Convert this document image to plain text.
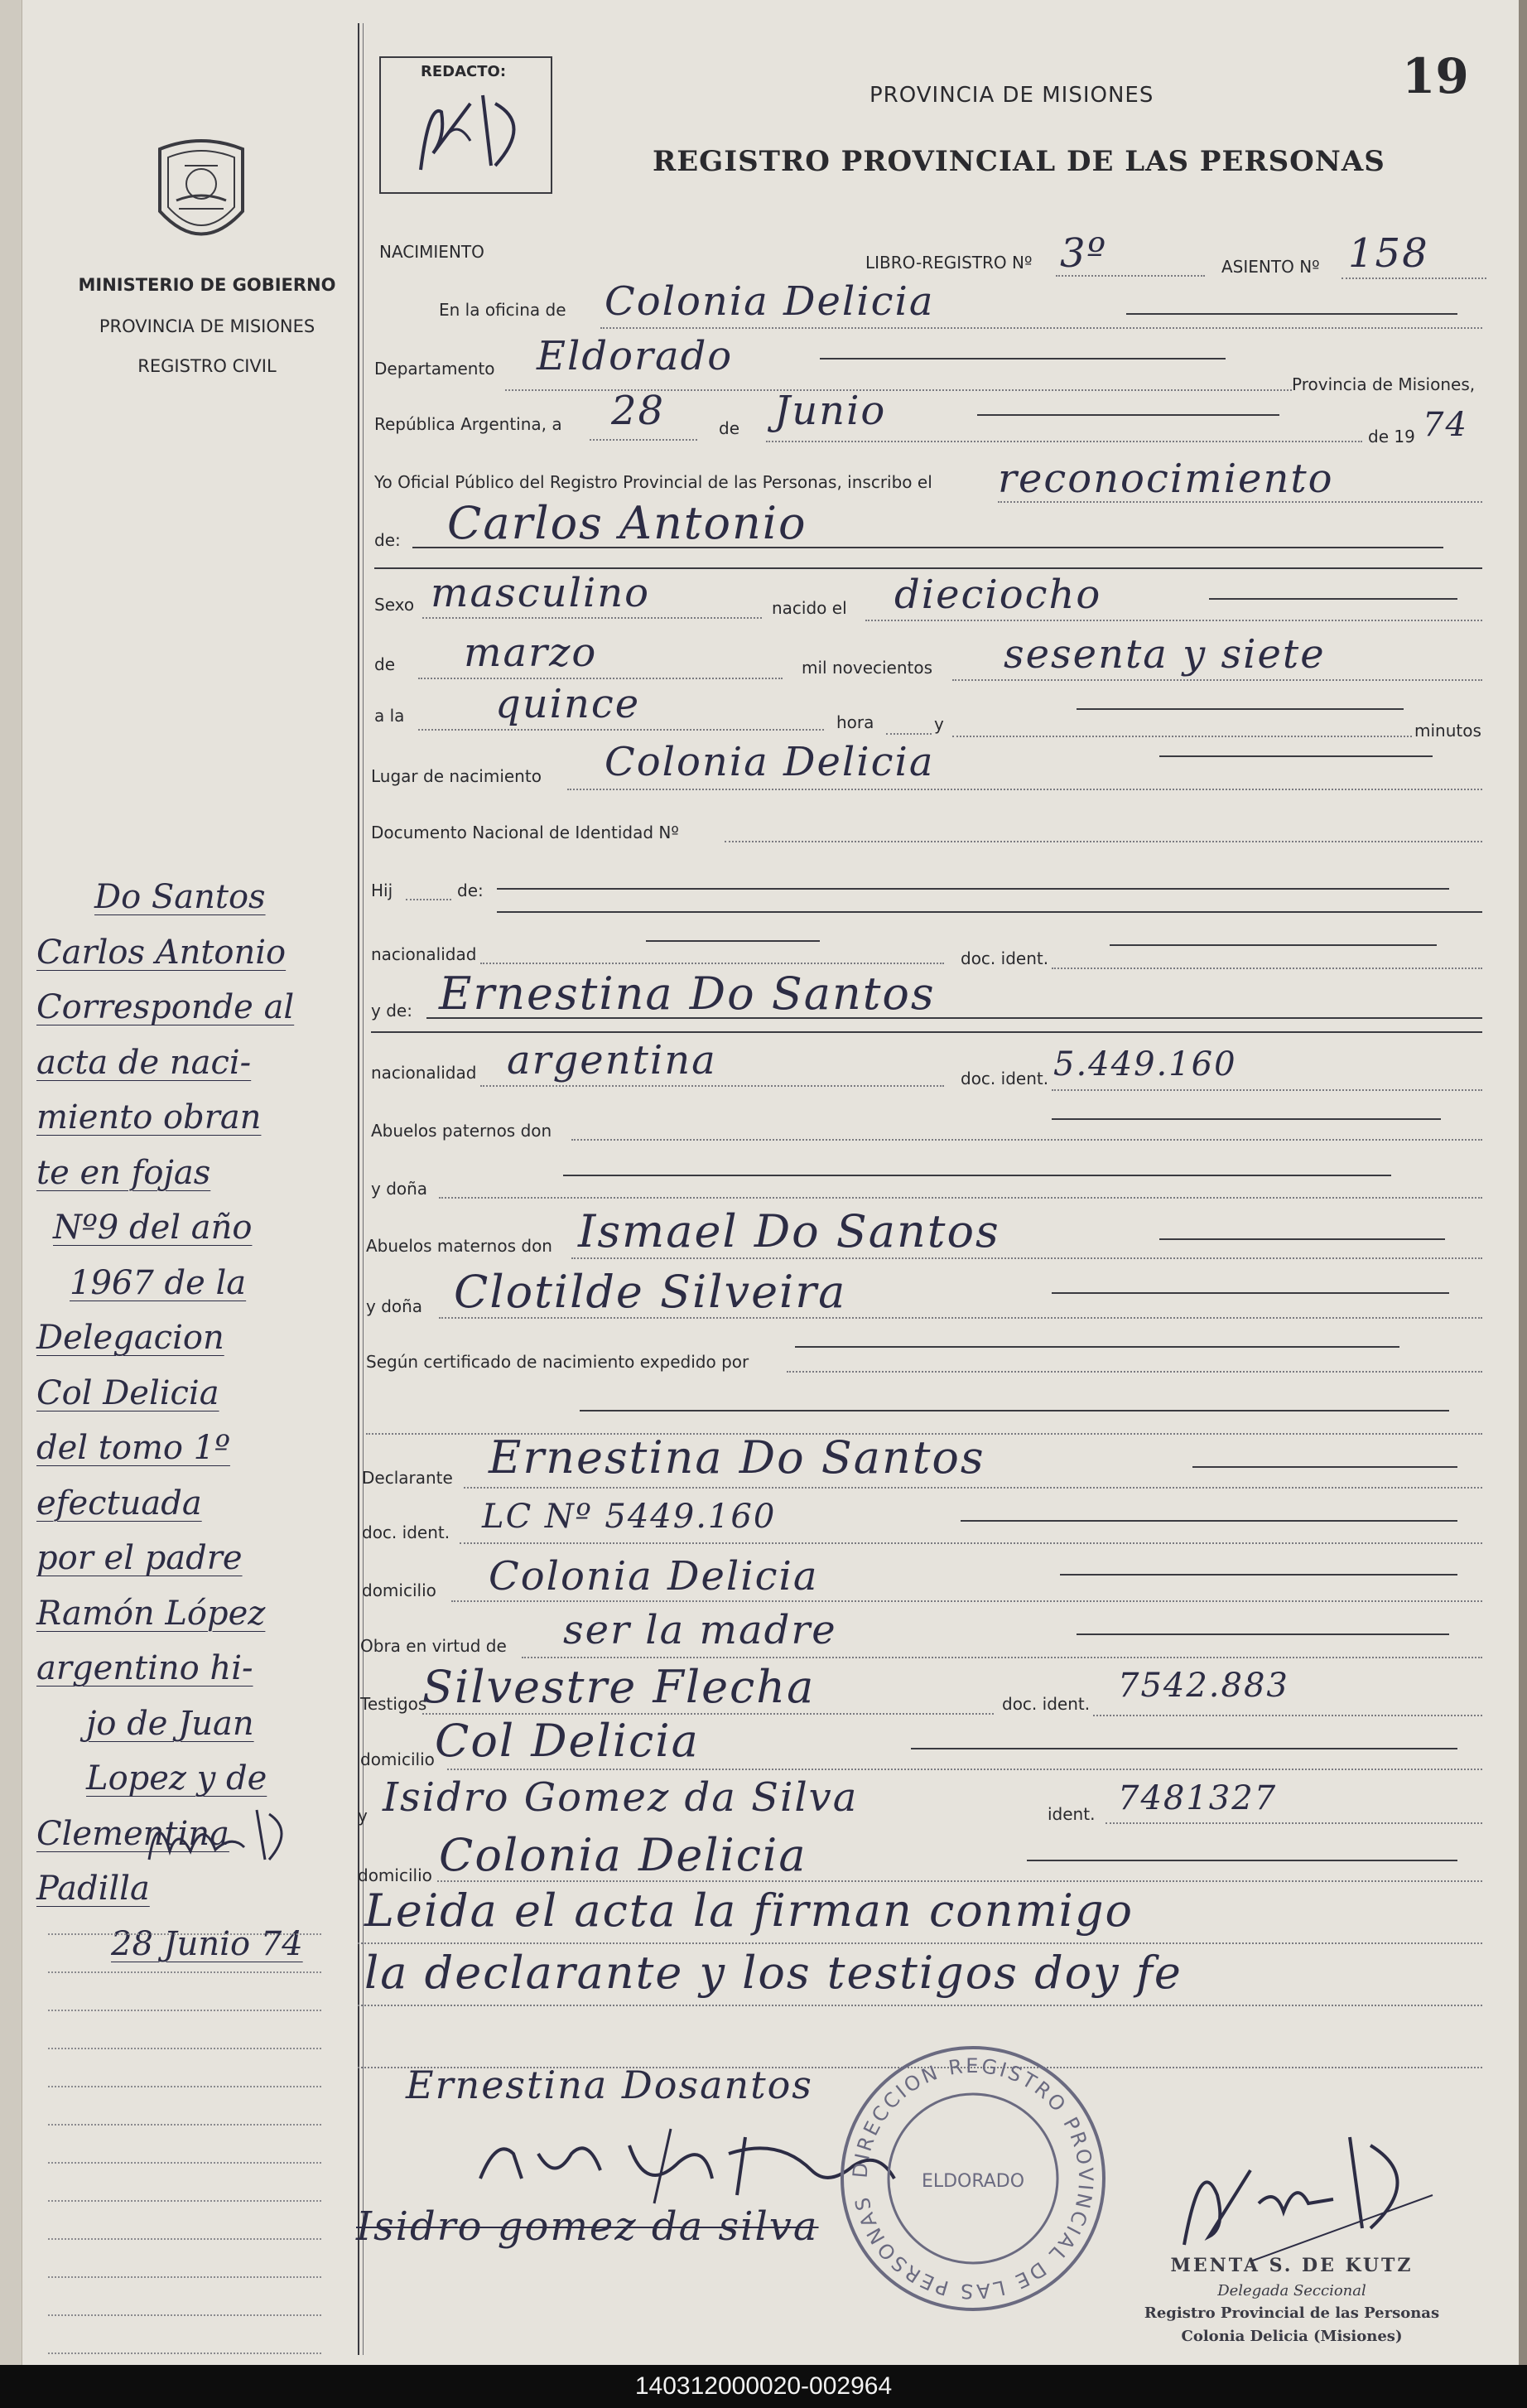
MINISTERIO DE GOBIERNO
PROVINCIA DE MISIONES
REGISTRO CIVIL
Do Santos
Carlos Antonio
Corresponde al
acta de naci-
miento obran
te en fojas
Nº9 del año
1967 de la
Delegacion
Col Delicia
del tomo 1º
efectuada
por el padre
Ramón López
argentino hi-
jo de Juan
Lopez y de
Clementina
Padilla
28 Junio 74
REDACTO:
PROVINCIA DE MISIONES
REGISTRO PROVINCIAL DE LAS PERSONAS
19
NACIMIENTO
LIBRO-REGISTRO Nº 3º	ASIENTO Nº 158
En la oficina de Colonia Delicia
Departamento Eldorado
Provincia de Misiones,
República Argentina, a 28	de Junio
de 19 74
Yo Oficial Público del Registro Provincial de las Personas, inscribo el reconocimiento
de: Carlos Antonio
Sexo masculino	nacido el dieciocho
de marzo	mil novecientos sesenta y siete
a la quince	hora	y	minutos
Lugar de nacimiento Colonia Delicia
Documento Nacional de Identidad Nº
Hij	de:
nacionalidad	doc. ident.
y de: Ernestina Do Santos
nacionalidad argentina	doc. ident. 5.449.160
Abuelos paternos don
y doña
Abuelos maternos don Ismael Do Santos
y doña Clotilde Silveira
Según certificado de nacimiento expedido por
Declarante Ernestina Do Santos
doc. ident. LC Nº 5449.160
domicilio Colonia Delicia
Obra en virtud de ser la madre
Testigos
Silvestre Flecha	doc. ident. 7542.883
domicilio Col Delicia
y Isidro Gomez da Silva	ident. 7481327
domicilio Colonia Delicia
Leida el acta la firman conmigo
la declarante y los testigos doy fe
Ernestina Dosantos
Isidro gomez da silva
DIRECCION REGISTRO PROVINCIAL DE LAS PERSONAS
ELDORADO
MENTA S. DE KUTZ
Delegada Seccional
Registro Provincial de las Personas
Colonia Delicia (Misiones)
140312000020-002964
